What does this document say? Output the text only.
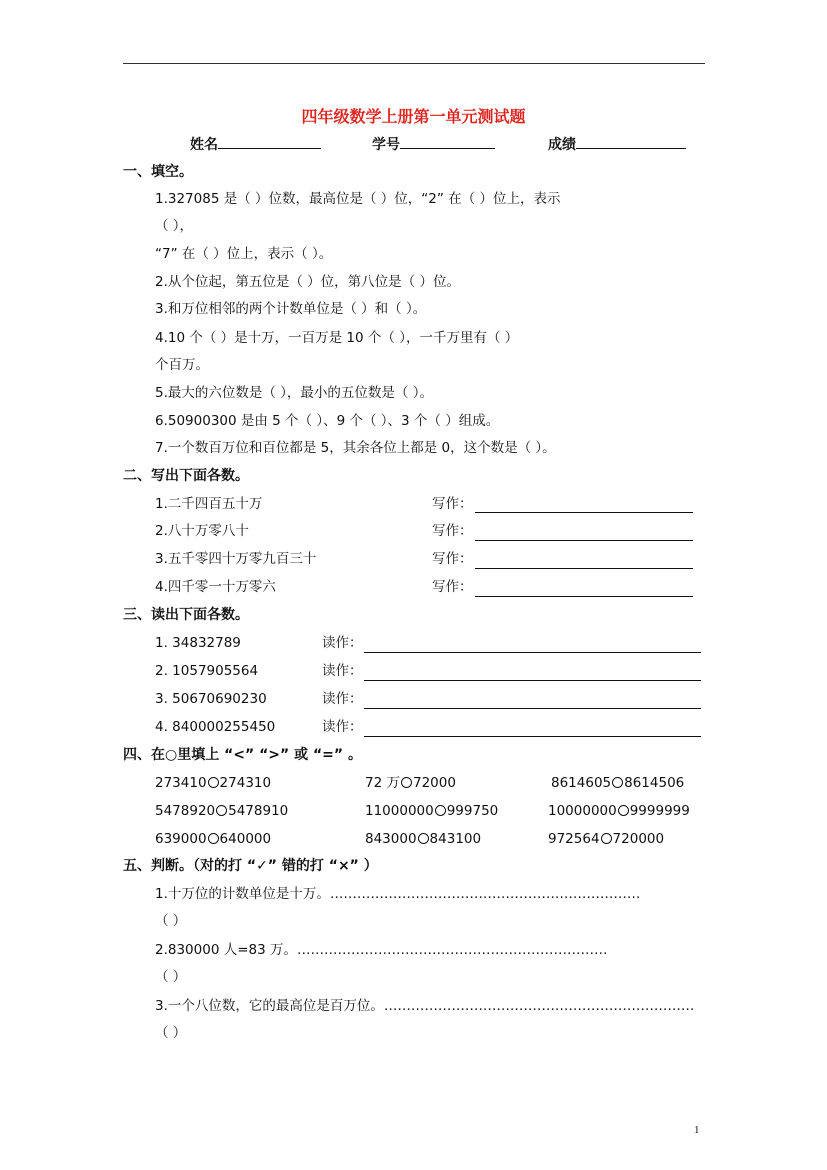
四年级数学上册第一单元测试题
姓名	学号	成绩
一、填空。
1.327085 是（ ）位数，最高位是（ ）位，“2” 在（ ）位上，表示
（ ），
“7” 在（ ）位上，表示（ ）。
2.从个位起，第五位是（ ）位，第八位是（ ）位。
3.和万位相邻的两个计数单位是（ ）和（ ）。
4.10 个（ ）是十万，一百万是 10 个（ ），一千万里有（ ）
个百万。
5.最大的六位数是（ ），最小的五位数是（ ）。
6.50900300 是由 5 个（ ）、9 个（ ）、3 个（ ）组成。
7.一个数百万位和百位都是 5，其余各位上都是 0，这个数是（ ）。
二、写出下面各数。
1.二千四百五十万	写作：
2.八十万零八十	写作：
3.五千零四十万零九百三十	写作：
4.四千零一十万零六	写作：
三、读出下面各数。
1. 34832789	读作：
2. 1057905564	读作：
3. 50670690230	读作：
4. 840000255450	读作：
四、在○里填上 “<” “>” 或 “=” 。
273410 274310	72 万 72000	8614605 8614506
5478920 5478910	11000000 999750	10000000 9999999
639000 640000	843000 843100	972564 720000
五、判断。（对的打 “✓” 错的打 “×” ）
1.十万位的计数单位是十万。……………………………………………………………
（ ）
2.830000 人=83 万。……………………………………………………………
（ ）
3.一个八位数，它的最高位是百万位。……………………………………………………………
（ ）
1
